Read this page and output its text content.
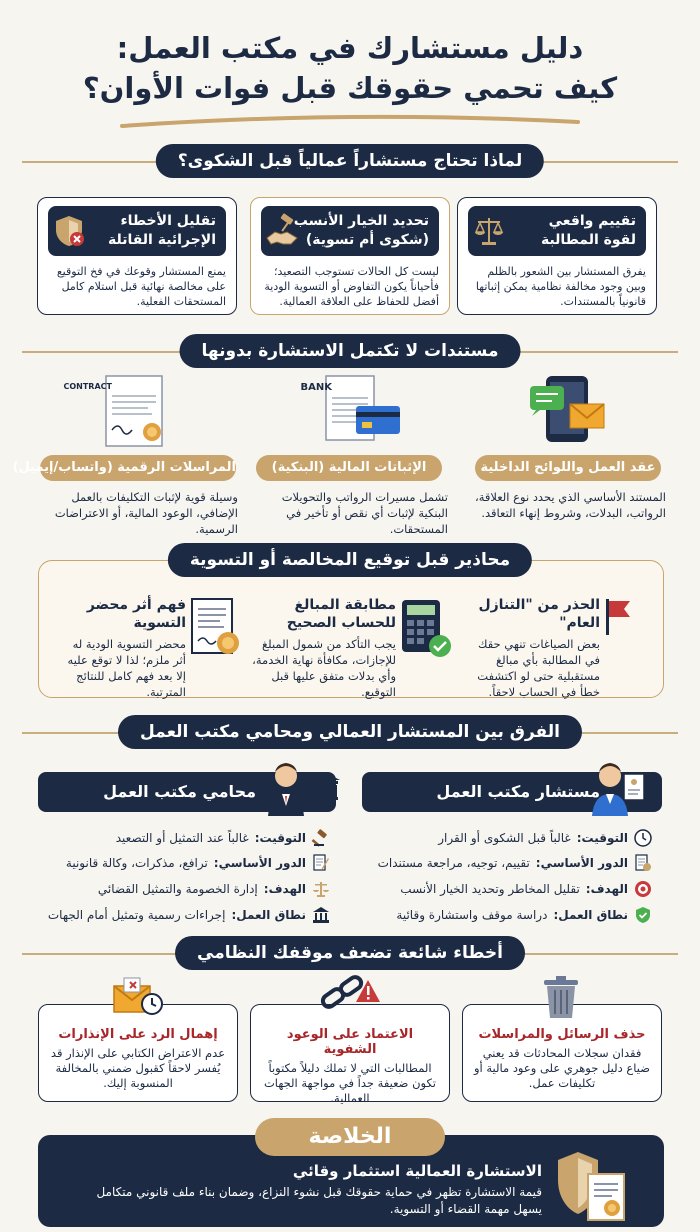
دليل مستشارك في مكتب العمل:
كيف تحمي حقوقك قبل فوات الأوان؟
لماذا تحتاج مستشاراً عمالياً قبل الشكوى؟
تقييم واقعي
لقوة المطالبة
يفرق المستشار بين الشعور بالظلم وبين وجود مخالفة نظامية يمكن إثباتها قانونياً بالمستندات.
تحديد الخيار الأنسب
(شكوى أم تسوية)
ليست كل الحالات تستوجب التصعيد؛ فأحياناً يكون التفاوض أو التسوية الودية أفضل للحفاظ على العلاقة العمالية.
تقليل الأخطاء
الإجرائية القاتلة
يمنع المستشار وقوعك في فخ التوقيع على مخالصة نهائية قبل استلام كامل المستحقات الفعلية.
مستندات لا تكتمل الاستشارة بدونها
BANK
CONTRACT
عقد العمل واللوائح الداخلية
الإثباتات المالية (البنكية)
المراسلات الرقمية (واتساب/إيميل)
المستند الأساسي الذي يحدد نوع العلاقة، الرواتب، البدلات، وشروط إنهاء التعاقد.
تشمل مسيرات الرواتب والتحويلات البنكية لإثبات أي نقص أو تأخير في المستحقات.
وسيلة قوية لإثبات التكليفات بالعمل الإضافي، الوعود المالية، أو الاعتراضات الرسمية.
محاذير قبل توقيع المخالصة أو التسوية
الحذر من "التنازل
العام"
بعض الصياغات تنهي حقك في المطالبة بأي مبالغ مستقبلية حتى لو اكتشفت خطأ في الحساب لاحقاً.
مطابقة المبالغ
للحساب الصحيح
يجب التأكد من شمول المبلغ للإجازات، مكافأة نهاية الخدمة، وأي بدلات متفق عليها قبل التوقيع.
فهم أثر محضر
التسوية
محضر التسوية الودية له أثر ملزم؛ لذا لا توقع عليه إلا بعد فهم كامل للنتائج المترتبة.
الفرق بين المستشار العمالي ومحامي مكتب العمل
مستشار مكتب العمل
التوقيت:
غالباً قبل الشكوى أو القرار
الدور الأساسي:
تقييم، توجيه، مراجعة مستندات
الهدف:
تقليل المخاطر وتحديد الخيار الأنسب
نطاق العمل:
دراسة موقف واستشارة وقائية
محامي مكتب العمل
التوقيت:
غالباً عند التمثيل أو التصعيد
الدور الأساسي:
ترافع، مذكرات، وكالة قانونية
الهدف:
إدارة الخصومة والتمثيل القضائي
نطاق العمل:
إجراءات رسمية وتمثيل أمام الجهات
أخطاء شائعة تضعف موقفك النظامي
حذف الرسائل والمراسلات
فقدان سجلات المحادثات قد يعني ضياع دليل جوهري على وعود مالية أو تكليفات عمل.
الاعتماد على الوعود الشفوية
المطالبات التي لا تملك دليلاً مكتوباً تكون ضعيفة جداً في مواجهة الجهات العمالية.
إهمال الرد على الإنذارات
عدم الاعتراض الكتابي على الإنذار قد يُفسر لاحقاً كقبول ضمني بالمخالفة المنسوبة إليك.
الخلاصة
الاستشارة العمالية استثمار وقائي
قيمة الاستشارة تظهر في حماية حقوقك قبل نشوء النزاع، وضمان بناء ملف قانوني متكامل يسهل مهمة القضاء أو التسوية.
